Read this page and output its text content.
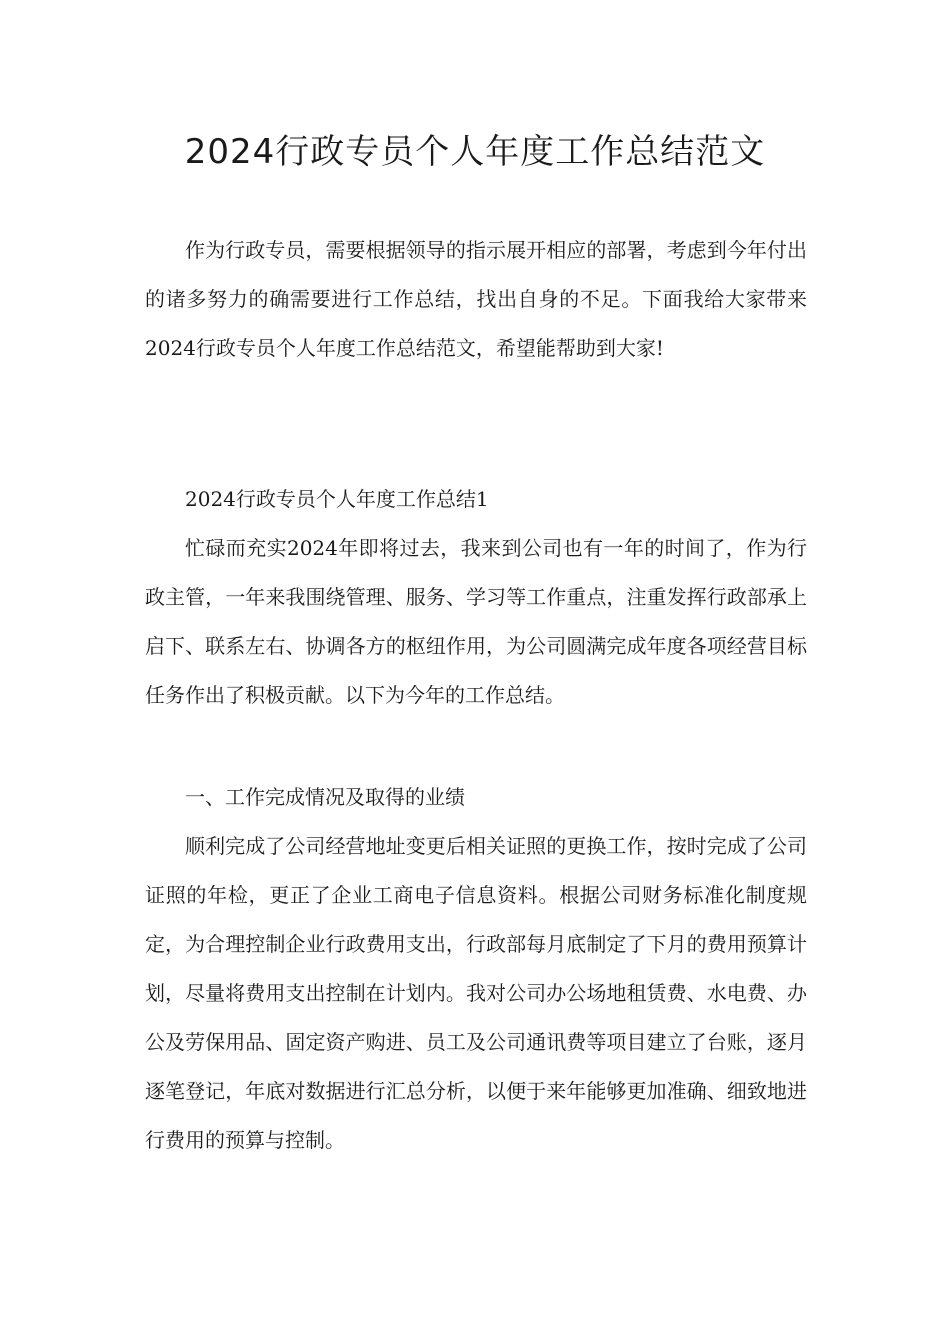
2024行政专员个人年度工作总结范文

作为行政专员，需要根据领导的指示展开相应的部署，考虑到今年付出的诸多努力的确需要进行工作总结，找出自身的不足。下面我给大家带来2024行政专员个人年度工作总结范文，希望能帮助到大家!

2024行政专员个人年度工作总结1

忙碌而充实2024年即将过去，我来到公司也有一年的时间了，作为行政主管，一年来我围绕管理、服务、学习等工作重点，注重发挥行政部承上启下、联系左右、协调各方的枢纽作用，为公司圆满完成年度各项经营目标任务作出了积极贡献。以下为今年的工作总结。

一、工作完成情况及取得的业绩

顺利完成了公司经营地址变更后相关证照的更换工作，按时完成了公司证照的年检，更正了企业工商电子信息资料。根据公司财务标准化制度规定，为合理控制企业行政费用支出，行政部每月底制定了下月的费用预算计划，尽量将费用支出控制在计划内。我对公司办公场地租赁费、水电费、办公及劳保用品、固定资产购进、员工及公司通讯费等项目建立了台账，逐月逐笔登记，年底对数据进行汇总分析，以便于来年能够更加准确、细致地进行费用的预算与控制。
